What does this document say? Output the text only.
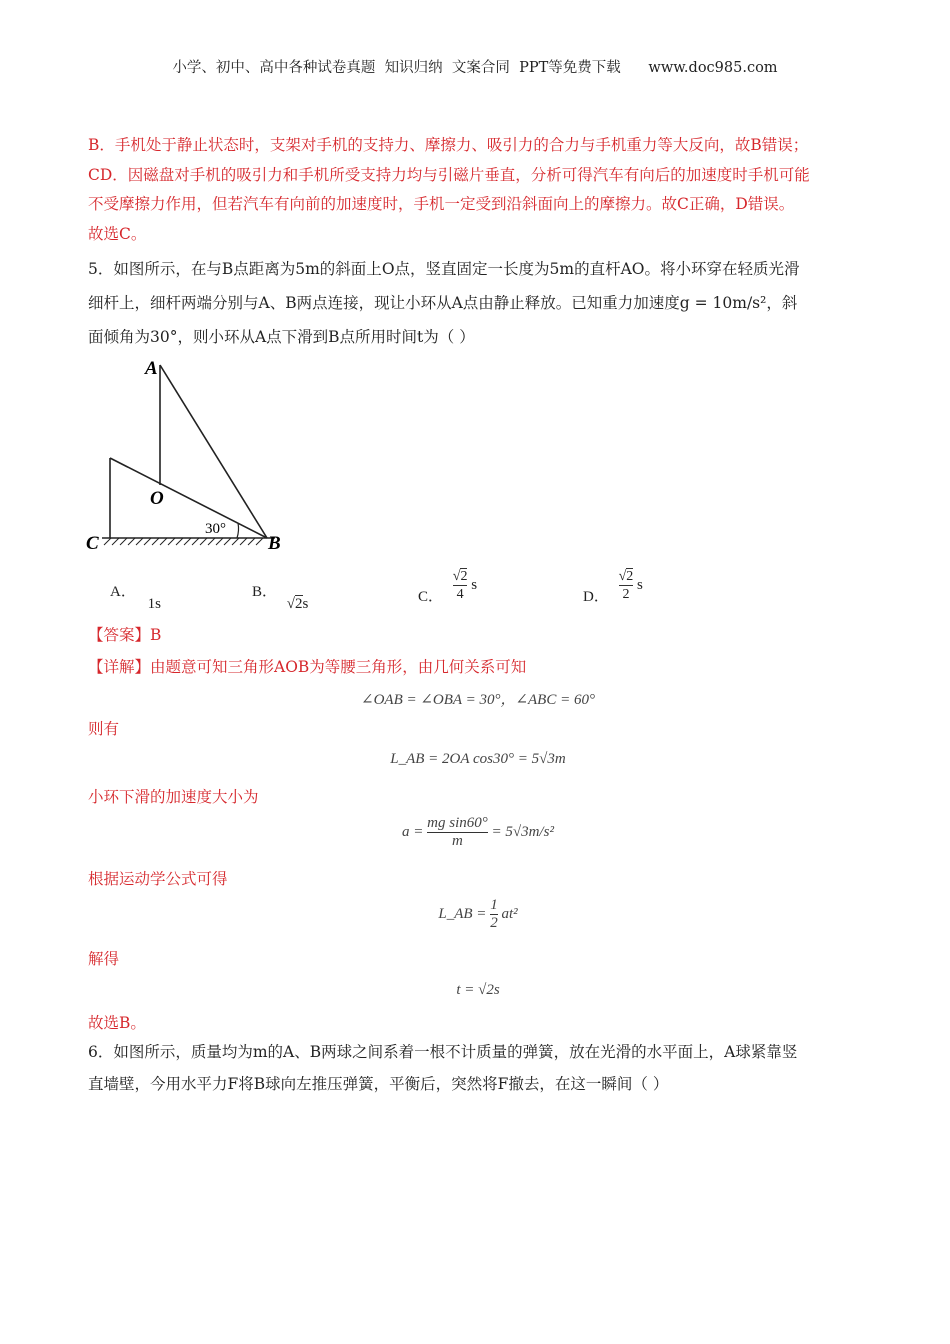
小学、初中、高中各种试卷真题  知识归纳  文案合同  PPT等免费下载      www.doc985.com
B．手机处于静止状态时，支架对手机的支持力、摩擦力、吸引力的合力与手机重力等大反向，故B错误；
CD．因磁盘对手机的吸引力和手机所受支持力均与引磁片垂直，分析可得汽车有向后的加速度时手机可能
不受摩擦力作用，但若汽车有向前的加速度时，手机一定受到沿斜面向上的摩擦力。故C正确，D错误。
故选C。
5．如图所示，在与B点距离为5m的斜面上O点，竖直固定一长度为5m的直杆AO。将小环穿在轻质光滑
细杆上，细杆两端分别与A、B两点连接，现让小环从A点由静止释放。已知重力加速度g = 10m/s²，斜
面倾角为30°，则小环从A点下滑到B点所用时间t为（ ）
A
O
C	B
30°
A． 1s
B． √2s	C． $\frac{√2}{4}$ s
D． $\frac{√2}{2}$ s
【答案】B
【详解】由题意可知三角形AOB为等腰三角形，由几何关系可知
∠OAB = ∠OBA = 30°，∠ABC = 60°
则有
L_AB = 2OA cos30° = 5√3m
小环下滑的加速度大小为
$a = \frac{\text{mg sin60°}}{m} = 5√3m/s^2$
根据运动学公式可得
L_AB = $\frac{1}{2} at^2$
解得
t = √2s
故选B。
6．如图所示，质量均为m的A、B两球之间系着一根不计质量的弹簧，放在光滑的水平面上，A球紧靠竖
直墙壁，今用水平力F将B球向左推压弹簧，平衡后，突然将F撤去，在这一瞬间（ ）
